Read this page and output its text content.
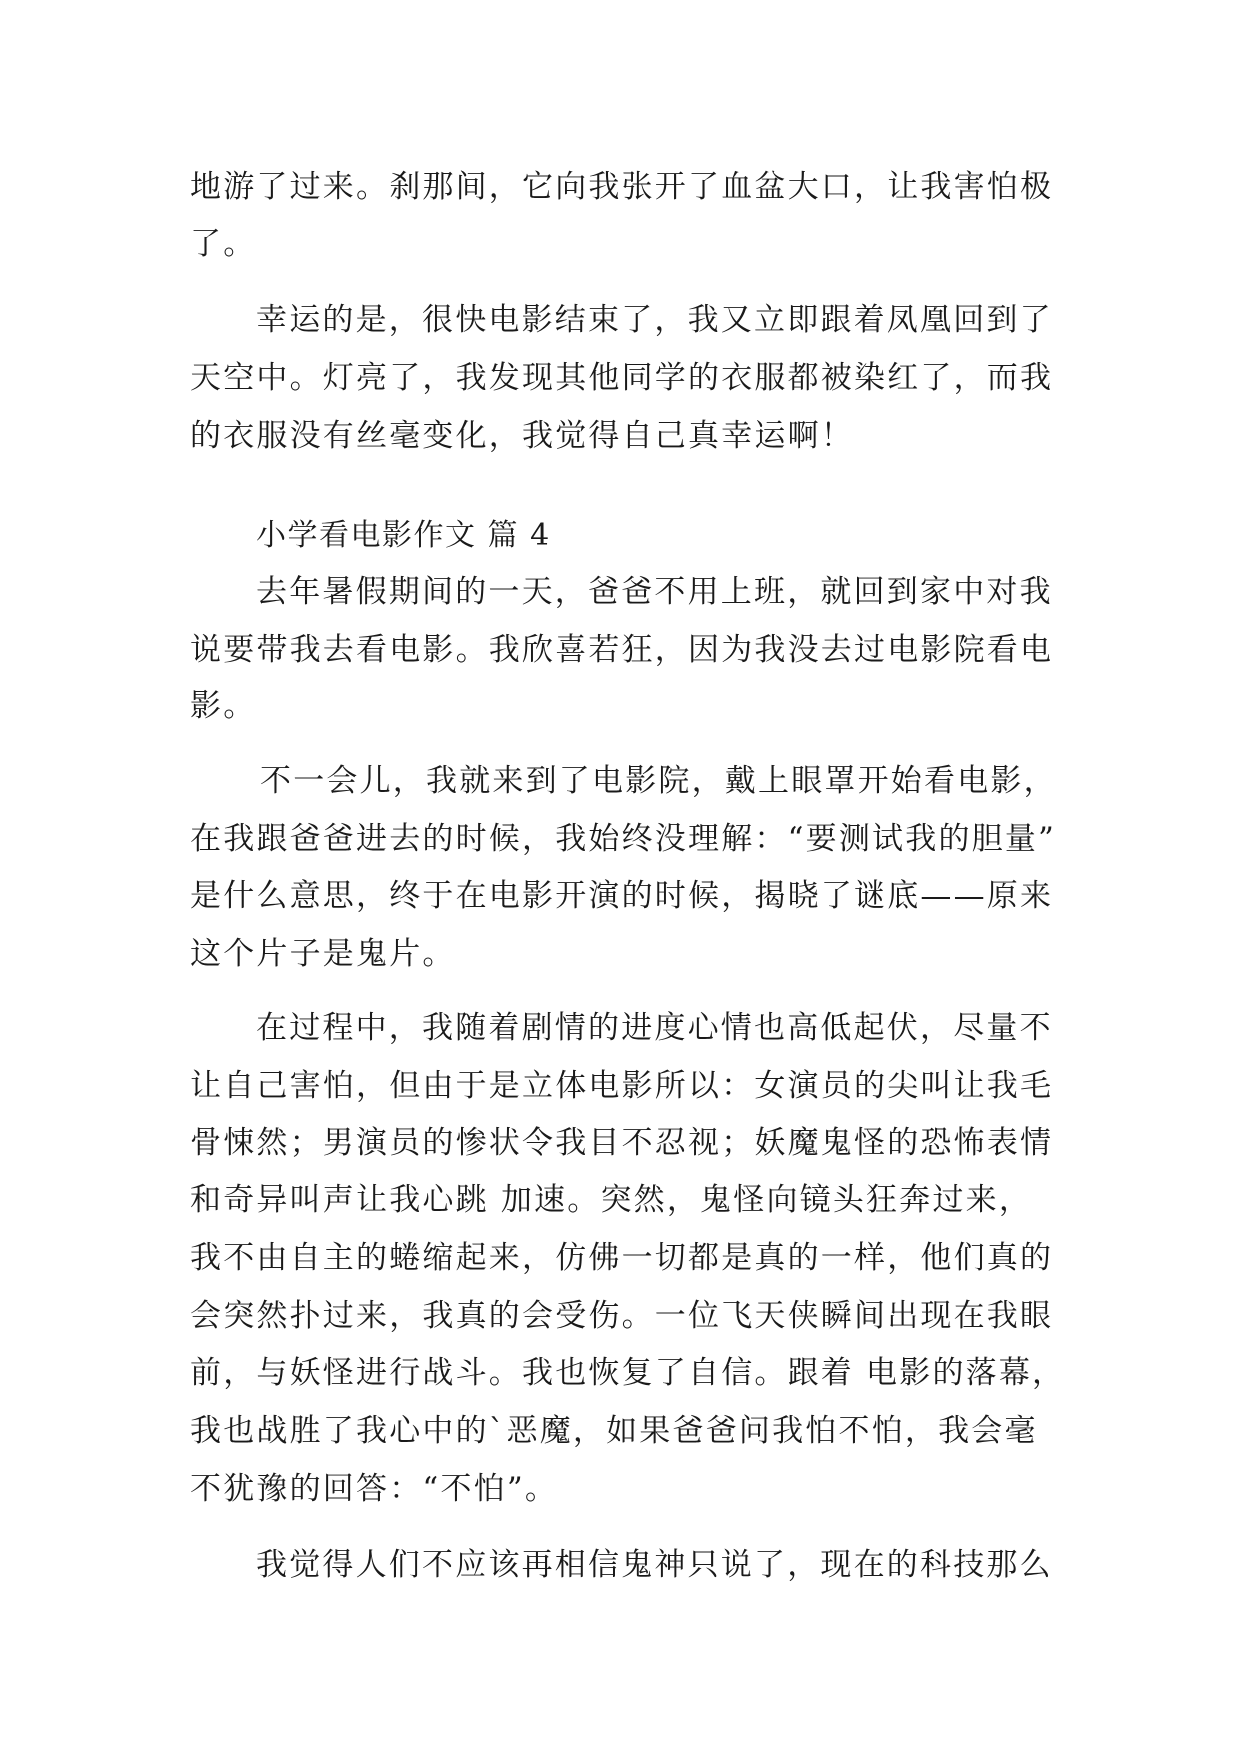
地游了过来。刹那间，它向我张开了血盆大口，让我害怕极
了。
幸运的是，很快电影结束了，我又立即跟着凤凰回到了
天空中。灯亮了，我发现其他同学的衣服都被染红了，而我
的衣服没有丝毫变化，我觉得自己真幸运啊！
小学看电影作文 篇 4
去年暑假期间的一天，爸爸不用上班，就回到家中对我
说要带我去看电影。我欣喜若狂，因为我没去过电影院看电
影。
不一会儿，我就来到了电影院，戴上眼罩开始看电影，
在我跟爸爸进去的时候，我始终没理解：“要测试我的胆量”
是什么意思，终于在电影开演的时候，揭晓了谜底——原来
这个片子是鬼片。
在过程中，我随着剧情的进度心情也高低起伏，尽量不
让自己害怕，但由于是立体电影所以：女演员的尖叫让我毛
骨悚然；男演员的惨状令我目不忍视；妖魔鬼怪的恐怖表情
和奇异叫声让我心跳 加速。突然，鬼怪向镜头狂奔过来，
我不由自主的蜷缩起来，仿佛一切都是真的一样，他们真的
会突然扑过来，我真的会受伤。一位飞天侠瞬间出现在我眼
前，与妖怪进行战斗。我也恢复了自信。跟着 电影的落幕，
我也战胜了我心中的`恶魔，如果爸爸问我怕不怕，我会毫
不犹豫的回答：“不怕”。
我觉得人们不应该再相信鬼神只说了，现在的科技那么
